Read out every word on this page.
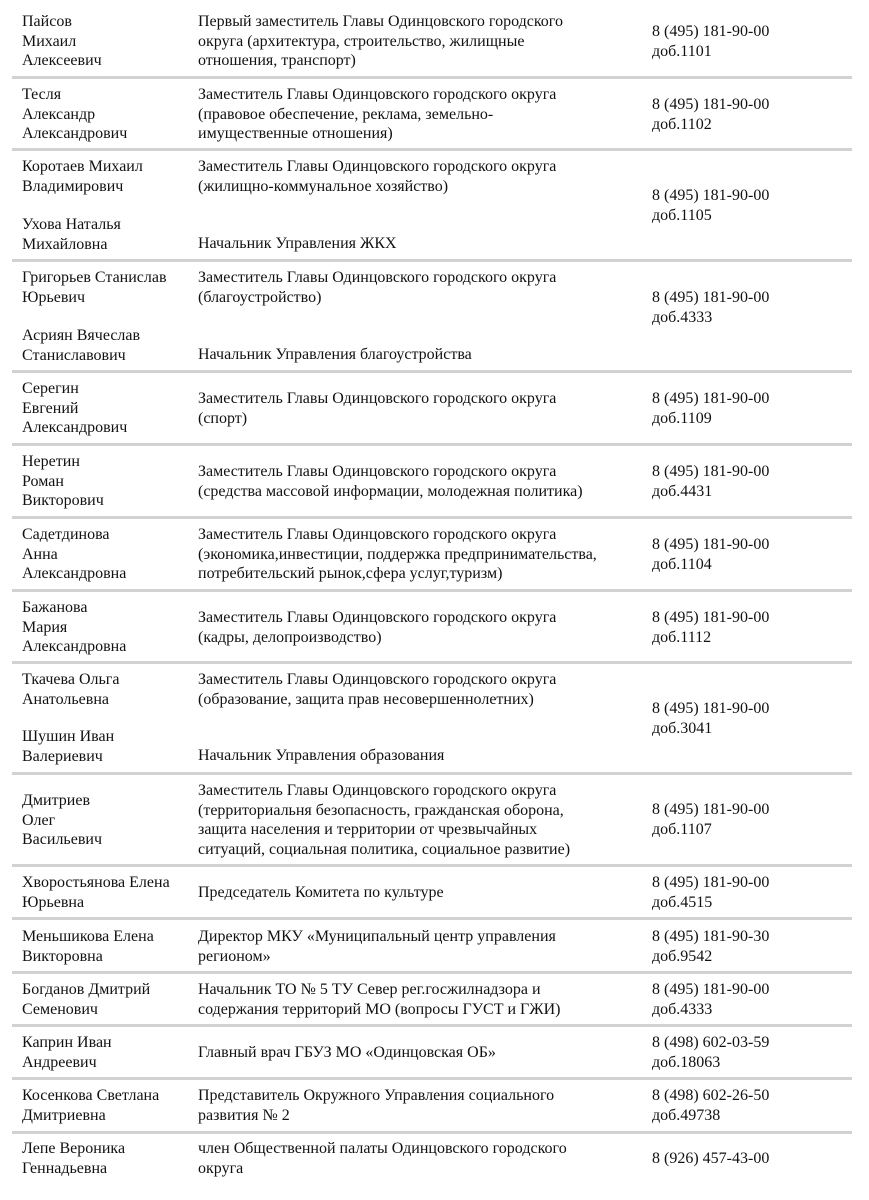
Пайсов
Михаил
Алексеевич
Первый заместитель Главы Одинцовского городского
округа (архитектура, строительство, жилищные
отношения, транспорт)
8 (495) 181-90-00
доб.1101
Тесля
Александр
Александрович
Заместитель Главы Одинцовского городского округа
(правовое обеспечение, реклама, земельно-
имущественные отношения)
8 (495) 181-90-00
доб.1102
Коротаев Михаил
Владимирович
Ухова Наталья
Михайловна
Заместитель Главы Одинцовского городского округа
(жилищно-коммунальное хозяйство)
Начальник Управления ЖКХ
8 (495) 181-90-00
доб.1105
Григорьев Станислав
Юрьевич
Асриян Вячеслав
Станиславович
Заместитель Главы Одинцовского городского округа
(благоустройство)
Начальник Управления благоустройства
8 (495) 181-90-00
доб.4333
Серегин
Евгений
Александрович
Заместитель Главы Одинцовского городского округа
(спорт)
8 (495) 181-90-00
доб.1109
Неретин
Роман
Викторович
Заместитель Главы Одинцовского городского округа
(средства массовой информации, молодежная политика)
8 (495) 181-90-00
доб.4431
Садетдинова
Анна
Александровна
Заместитель Главы Одинцовского городского округа
(экономика,инвестиции, поддержка предпринимательства,
потребительский рынок,сфера услуг,туризм)
8 (495) 181-90-00
доб.1104
Бажанова
Мария
Александровна
Заместитель Главы Одинцовского городского округа
(кадры, делопроизводство)
8 (495) 181-90-00
доб.1112
Ткачева Ольга
Анатольевна
Шушин Иван
Валериевич
Заместитель Главы Одинцовского городского округа
(образование, защита прав несовершеннолетних)
Начальник Управления образования
8 (495) 181-90-00
доб.3041
Дмитриев
Олег
Васильевич
Заместитель Главы Одинцовского городского округа
(территориальня безопасность, гражданская оборона,
защита населения и территории от чрезвычайных
ситуаций, социальная политика, социальное развитие)
8 (495) 181-90-00
доб.1107
Хворостьянова Елена
Юрьевна
Председатель Комитета по культуре
8 (495) 181-90-00
доб.4515
Меньшикова Елена
Викторовна
Директор МКУ «Муниципальный центр управления
регионом»
8 (495) 181-90-30
доб.9542
Богданов Дмитрий
Семенович
Начальник ТО № 5 ТУ Север рег.госжилнадзора и
содержания территорий МО (вопросы ГУСТ и ГЖИ)
8 (495) 181-90-00
доб.4333
Каприн Иван
Андреевич
Главный врач ГБУЗ МО «Одинцовская ОБ»
8 (498) 602-03-59
доб.18063
Косенкова Светлана
Дмитриевна
Представитель Окружного Управления социального
развития № 2
8 (498) 602-26-50
доб.49738
Лепе Вероника
Геннадьевна
член Общественной палаты Одинцовского городского
округа
8 (926) 457-43-00
